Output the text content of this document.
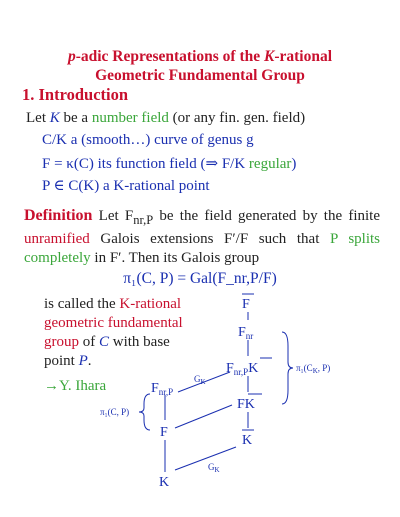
p-adic Representations of the K-rational
Geometric Fundamental Group
1. Introduction
Let K be a number field (or any fin. gen. field)
C/K a (smooth…) curve of genus g
F = κ(C) its function field (⇒ F/K regular)
P ∈ C(K) a K-rational point
Definition Let $F_{nr,P}$ be the field generated by the finite unramified Galois extensions F′/F such that P splits completely in F′. Then its Galois group
π₁(C, P) = Gal(F_nr,P/F)
is called the K-rational geometric fundamental group of C with base point P.
→Y. Ihara
F
$F_{nr}$
$F_{nr,P}K$
FK
K
$F_{nr,P}$
F
K
$G_K$
$G_K$
π₁(C, P)
$\pi_1(C_K$, P)
